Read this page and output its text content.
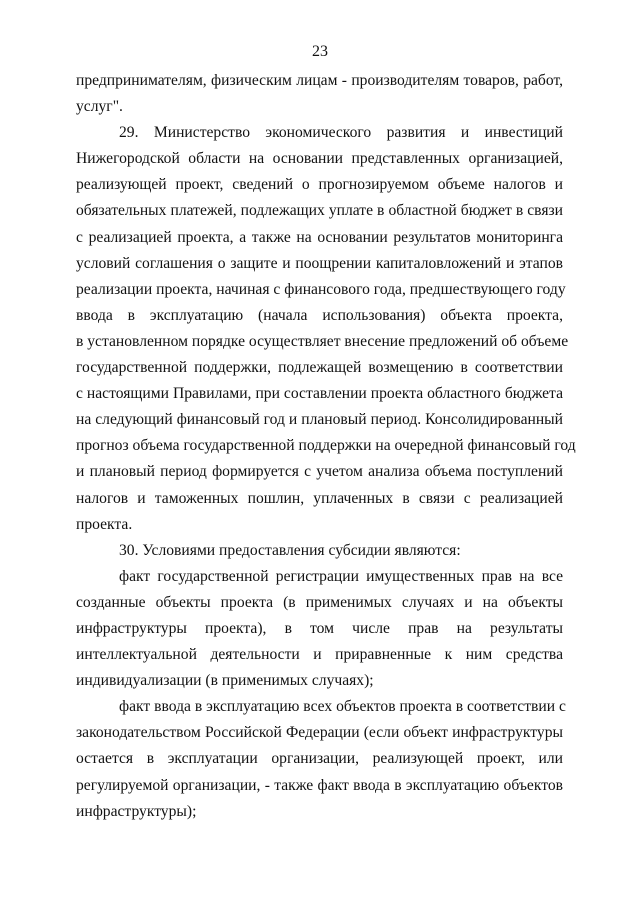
23
предпринимателям, физическим лицам - производителям товаров, работ,
услуг".
29. Министерство экономического развития и инвестиций
Нижегородской области на основании представленных организацией,
реализующей проект, сведений о прогнозируемом объеме налогов и
обязательных платежей, подлежащих уплате в областной бюджет в связи
с реализацией проекта, а также на основании результатов мониторинга
условий соглашения о защите и поощрении капиталовложений и этапов
реализации проекта, начиная с финансового года, предшествующего году
ввода в эксплуатацию (начала использования) объекта проекта,
в установленном порядке осуществляет внесение предложений об объеме
государственной поддержки, подлежащей возмещению в соответствии
с настоящими Правилами, при составлении проекта областного бюджета
на следующий финансовый год и плановый период. Консолидированный
прогноз объема государственной поддержки на очередной финансовый год
и плановый период формируется с учетом анализа объема поступлений
налогов и таможенных пошлин, уплаченных в связи с реализацией
проекта.
30. Условиями предоставления субсидии являются:
факт государственной регистрации имущественных прав на все
созданные объекты проекта (в применимых случаях и на объекты
инфраструктуры проекта), в том числе прав на результаты
интеллектуальной деятельности и приравненные к ним средства
индивидуализации (в применимых случаях);
факт ввода в эксплуатацию всех объектов проекта в соответствии с
законодательством Российской Федерации (если объект инфраструктуры
остается в эксплуатации организации, реализующей проект, или
регулируемой организации, - также факт ввода в эксплуатацию объектов
инфраструктуры);
